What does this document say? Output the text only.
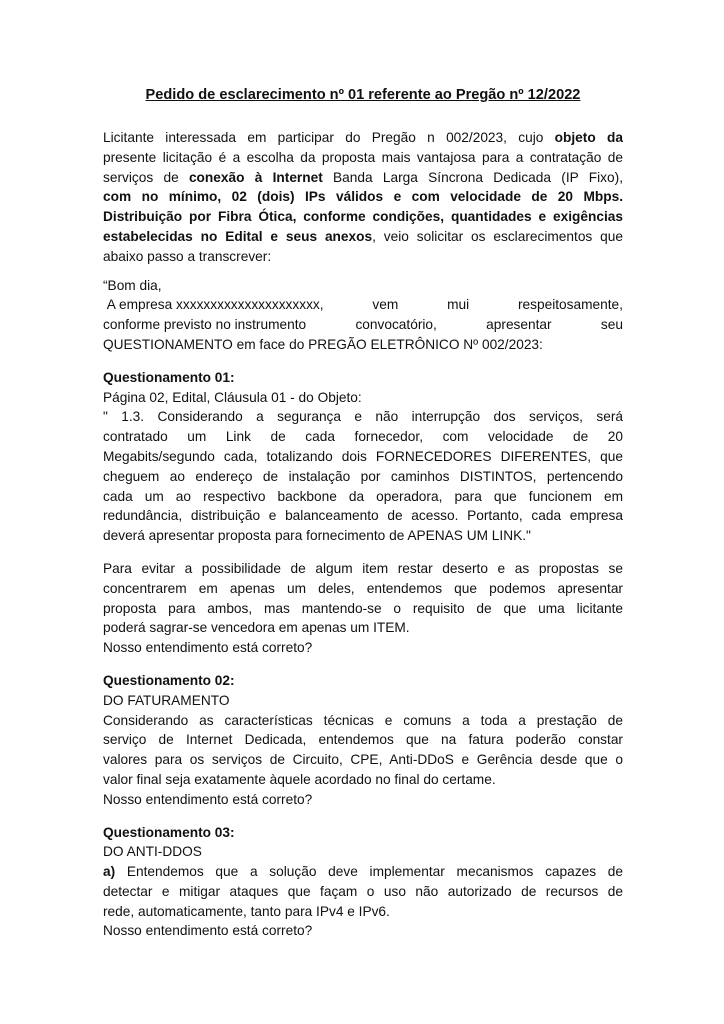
Pedido de esclarecimento nº 01 referente ao Pregão nº 12/2022
Licitante interessada em participar do Pregão n 002/2023, cujo objeto da
presente licitação é a escolha da proposta mais vantajosa para a contratação de
serviços de conexão à Internet Banda Larga Síncrona Dedicada (IP Fixo),
com no mínimo, 02 (dois) IPs válidos e com velocidade de 20 Mbps.
Distribuição por Fibra Ótica, conforme condições, quantidades e exigências
estabelecidas no Edital e seus anexos, veio solicitar os esclarecimentos que
abaixo passo a transcrever:
“Bom dia,
A empresa xxxxxxxxxxxxxxxxxxxxx,	vem	mui	respeitosamente,
conforme previsto no instrumento	convocatório,	apresentar	seu
QUESTIONAMENTO em face do PREGÃO ELETRÔNICO Nº 002/2023:
Questionamento 01:
Página 02, Edital, Cláusula 01 - do Objeto:
" 1.3. Considerando a segurança e não interrupção dos serviços, será
contratado um Link de cada fornecedor, com velocidade de 20
Megabits/segundo cada, totalizando dois FORNECEDORES DIFERENTES, que
cheguem ao endereço de instalação por caminhos DISTINTOS, pertencendo
cada um ao respectivo backbone da operadora, para que funcionem em
redundância, distribuição e balanceamento de acesso. Portanto, cada empresa
deverá apresentar proposta para fornecimento de APENAS UM LINK."
Para evitar a possibilidade de algum item restar deserto e as propostas se
concentrarem em apenas um deles, entendemos que podemos apresentar
proposta para ambos, mas mantendo-se o requisito de que uma licitante
poderá sagrar-se vencedora em apenas um ITEM.
Nosso entendimento está correto?
Questionamento 02:
DO FATURAMENTO
Considerando as características técnicas e comuns a toda a prestação de
serviço de Internet Dedicada, entendemos que na fatura poderão constar
valores para os serviços de Circuito, CPE, Anti-DDoS e Gerência desde que o
valor final seja exatamente àquele acordado no final do certame.
Nosso entendimento está correto?
Questionamento 03:
DO ANTI-DDOS
a) Entendemos que a solução deve implementar mecanismos capazes de
detectar e mitigar ataques que façam o uso não autorizado de recursos de
rede, automaticamente, tanto para IPv4 e IPv6.
Nosso entendimento está correto?
